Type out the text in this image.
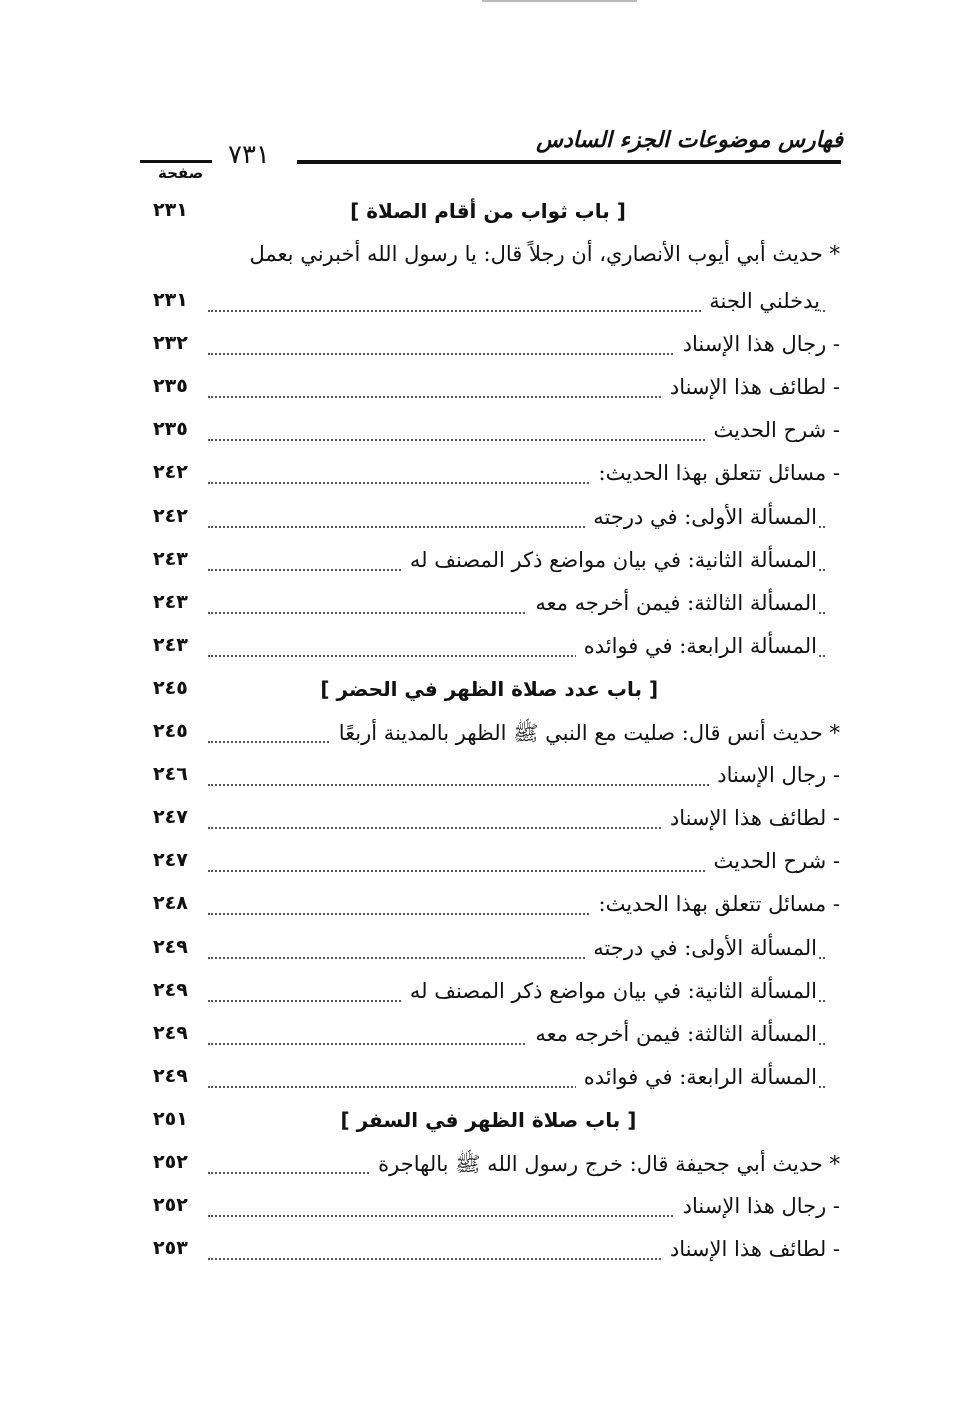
فهارس موضوعات الجزء السادس
٧٣١
صفحة
[ باب ثواب من أقام الصلاة ]
٢٣١
* حديث أبي أيوب الأنصاري، أن رجلاً قال: يا رسول الله أخبرني بعمل
يدخلني الجنة
٢٣١
- رجال هذا الإسناد
٢٣٢
- لطائف هذا الإسناد
٢٣٥
- شرح الحديث
٢٣٥
- مسائل تتعلق بهذا الحديث:
٢٤٢
المسألة الأولى: في درجته
٢٤٢
المسألة الثانية: في بيان مواضع ذكر المصنف له
٢٤٣
المسألة الثالثة: فيمن أخرجه معه
٢٤٣
المسألة الرابعة: في فوائده
٢٤٣
[ باب عدد صلاة الظهر في الحضر ]
٢٤٥
* حديث أنس قال: صليت مع النبي ﷺ الظهر بالمدينة أربعًا
٢٤٥
- رجال الإسناد
٢٤٦
- لطائف هذا الإسناد
٢٤٧
- شرح الحديث
٢٤٧
- مسائل تتعلق بهذا الحديث:
٢٤٨
المسألة الأولى: في درجته
٢٤٩
المسألة الثانية: في بيان مواضع ذكر المصنف له
٢٤٩
المسألة الثالثة: فيمن أخرجه معه
٢٤٩
المسألة الرابعة: في فوائده
٢٤٩
[ باب صلاة الظهر في السفر ]
٢٥١
* حديث أبي جحيفة قال: خرج رسول الله ﷺ بالهاجرة
٢٥٢
- رجال هذا الإسناد
٢٥٢
- لطائف هذا الإسناد
٢٥٣
